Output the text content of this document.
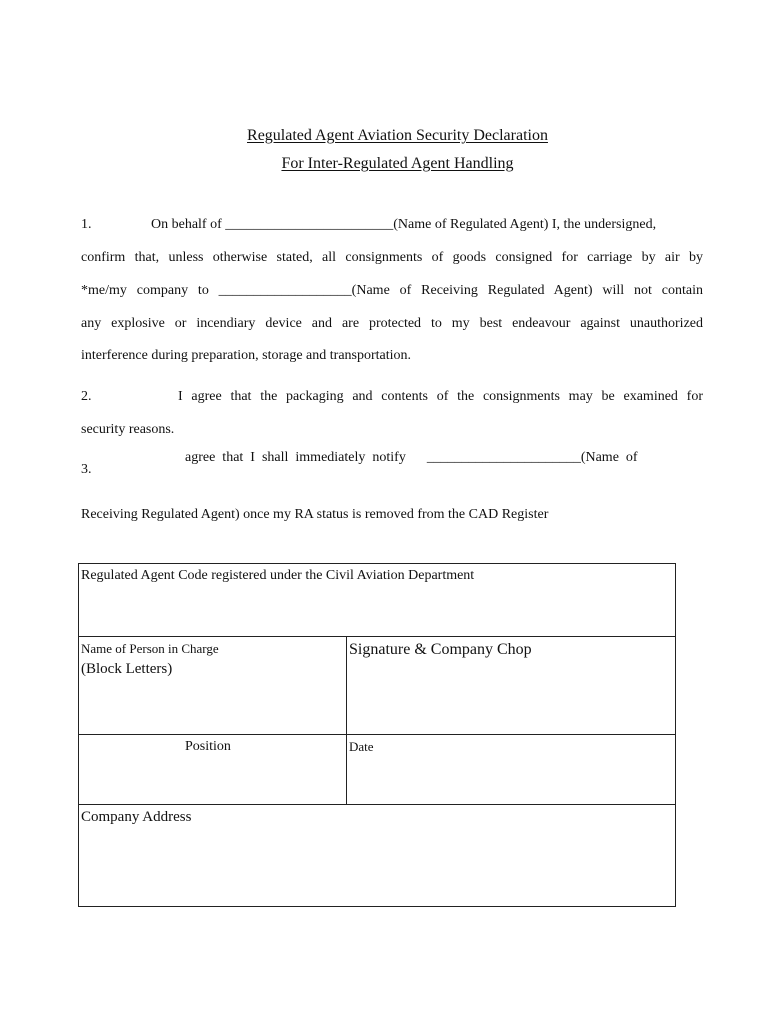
Regulated Agent Aviation Security Declaration
For Inter-Regulated Agent Handling
1.	On behalf of ________________________(Name of Regulated Agent) I, the undersigned,
confirm that, unless otherwise stated, all consignments of goods consigned for carriage by air by
*me/my company to ___________________(Name of Receiving Regulated Agent) will not contain
any explosive or incendiary device and are protected to my best endeavour against unauthorized
interference during preparation, storage and transportation.
2.	I agree that the packaging and contents of the consignments may be examined for
security reasons.
3.
agree  that  I  shall  immediately  notify      ______________________(Name  of
Receiving Regulated Agent) once my RA status is removed from the CAD Register
Regulated Agent Code registered under the Civil Aviation Department	

Name of Person in Charge
(Block Letters)	Signature & Company Chop

Position	Date

Company Address	
